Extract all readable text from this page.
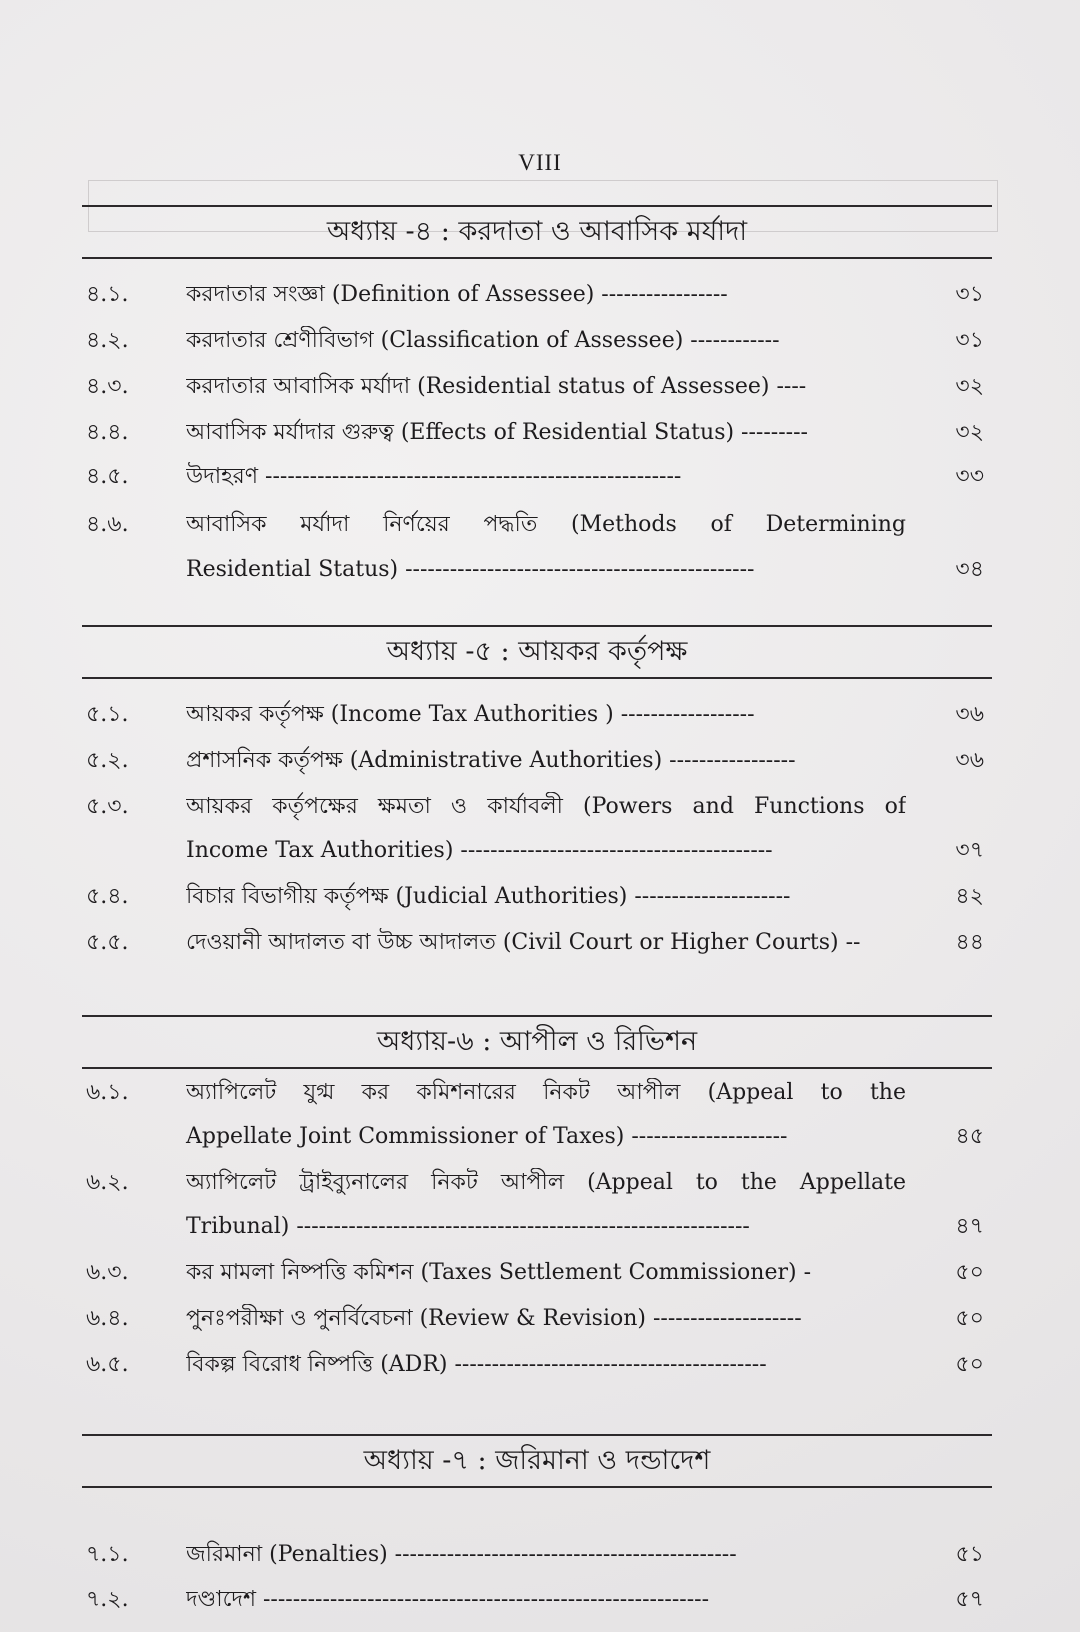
VIII
অধ্যায় -৪ : করদাতা ও আবাসিক মর্যাদা
৪.১.	করদাতার সংজ্ঞা (Definition of Assessee) -----------------	৩১
৪.২.	করদাতার শ্রেণীবিভাগ (Classification of Assessee) ------------	৩১
৪.৩.	করদাতার আবাসিক মর্যাদা (Residential status of Assessee) ----	৩২
৪.৪.	আবাসিক মর্যাদার গুরুত্ব (Effects of Residential Status) ---------	৩২
৪.৫.	উদাহরণ --------------------------------------------------------	৩৩
৪.৬.	আবাসিক মর্যাদা নির্ণয়ের পদ্ধতি (Methods of Determining
Residential Status) -----------------------------------------------	৩৪
অধ্যায় -৫ : আয়কর কর্তৃপক্ষ
৫.১.	আয়কর কর্তৃপক্ষ (Income Tax Authorities ) ------------------	৩৬
৫.২.	প্রশাসনিক কর্তৃপক্ষ (Administrative Authorities) -----------------	৩৬
৫.৩.	আয়কর কর্তৃপক্ষের ক্ষমতা ও কার্যাবলী (Powers and Functions of
Income Tax Authorities) ------------------------------------------	৩৭
৫.৪.	বিচার বিভাগীয় কর্তৃপক্ষ (Judicial Authorities) ---------------------	৪২
৫.৫.	দেওয়ানী আদালত বা উচ্চ আদালত (Civil Court or Higher Courts) --	৪৪
অধ্যায়-৬ : আপীল ও রিভিশন
৬.১.	অ্যাপিলেট যুগ্ম কর কমিশনারের নিকট আপীল (Appeal to the
Appellate Joint Commissioner of Taxes) ---------------------	৪৫
৬.২.	অ্যাপিলেট ট্রাইব্যুনালের নিকট আপীল (Appeal to the Appellate
Tribunal) -------------------------------------------------------------	৪৭
৬.৩.	কর মামলা নিষ্পত্তি কমিশন (Taxes Settlement Commissioner) -	৫০
৬.৪.	পুনঃপরীক্ষা ও পুনর্বিবেচনা (Review & Revision) --------------------	৫০
৬.৫.	বিকল্প বিরোধ নিষ্পত্তি (ADR) ------------------------------------------	৫০
অধ্যায় -৭ : জরিমানা ও দন্ডাদেশ
৭.১.	জরিমানা (Penalties) ----------------------------------------------	৫১
৭.২.	দণ্ডাদেশ ------------------------------------------------------------	৫৭
